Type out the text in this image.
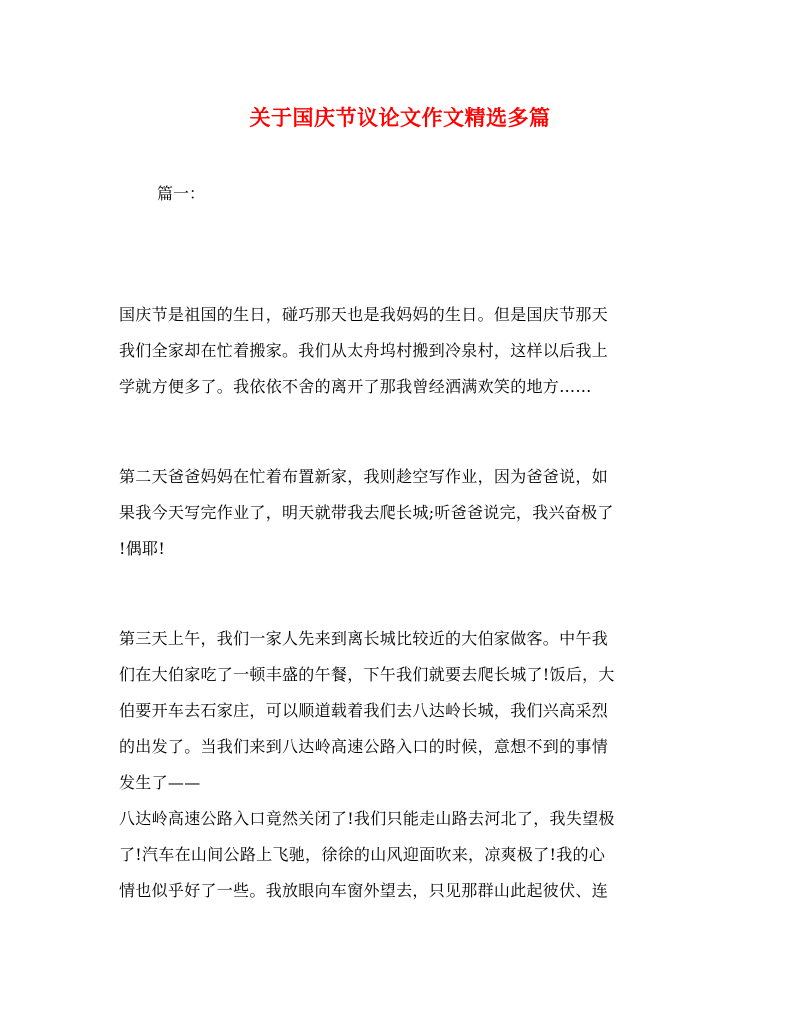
关于国庆节议论文作文精选多篇
篇一：
国庆节是祖国的生日，碰巧那天也是我妈妈的生日。但是国庆节那天
我们全家却在忙着搬家。我们从太舟坞村搬到冷泉村，这样以后我上
学就方便多了。我依依不舍的离开了那我曾经洒满欢笑的地方……
第二天爸爸妈妈在忙着布置新家，我则趁空写作业，因为爸爸说，如
果我今天写完作业了，明天就带我去爬长城;听爸爸说完，我兴奋极了
!偶耶!
第三天上午，我们一家人先来到离长城比较近的大伯家做客。中午我
们在大伯家吃了一顿丰盛的午餐，下午我们就要去爬长城了!饭后，大
伯要开车去石家庄，可以顺道载着我们去八达岭长城，我们兴高采烈
的出发了。当我们来到八达岭高速公路入口的时候，意想不到的事情
发生了——
八达岭高速公路入口竟然关闭了!我们只能走山路去河北了，我失望极
了!汽车在山间公路上飞驰，徐徐的山风迎面吹来，凉爽极了!我的心
情也似乎好了一些。我放眼向车窗外望去，只见那群山此起彼伏、连
